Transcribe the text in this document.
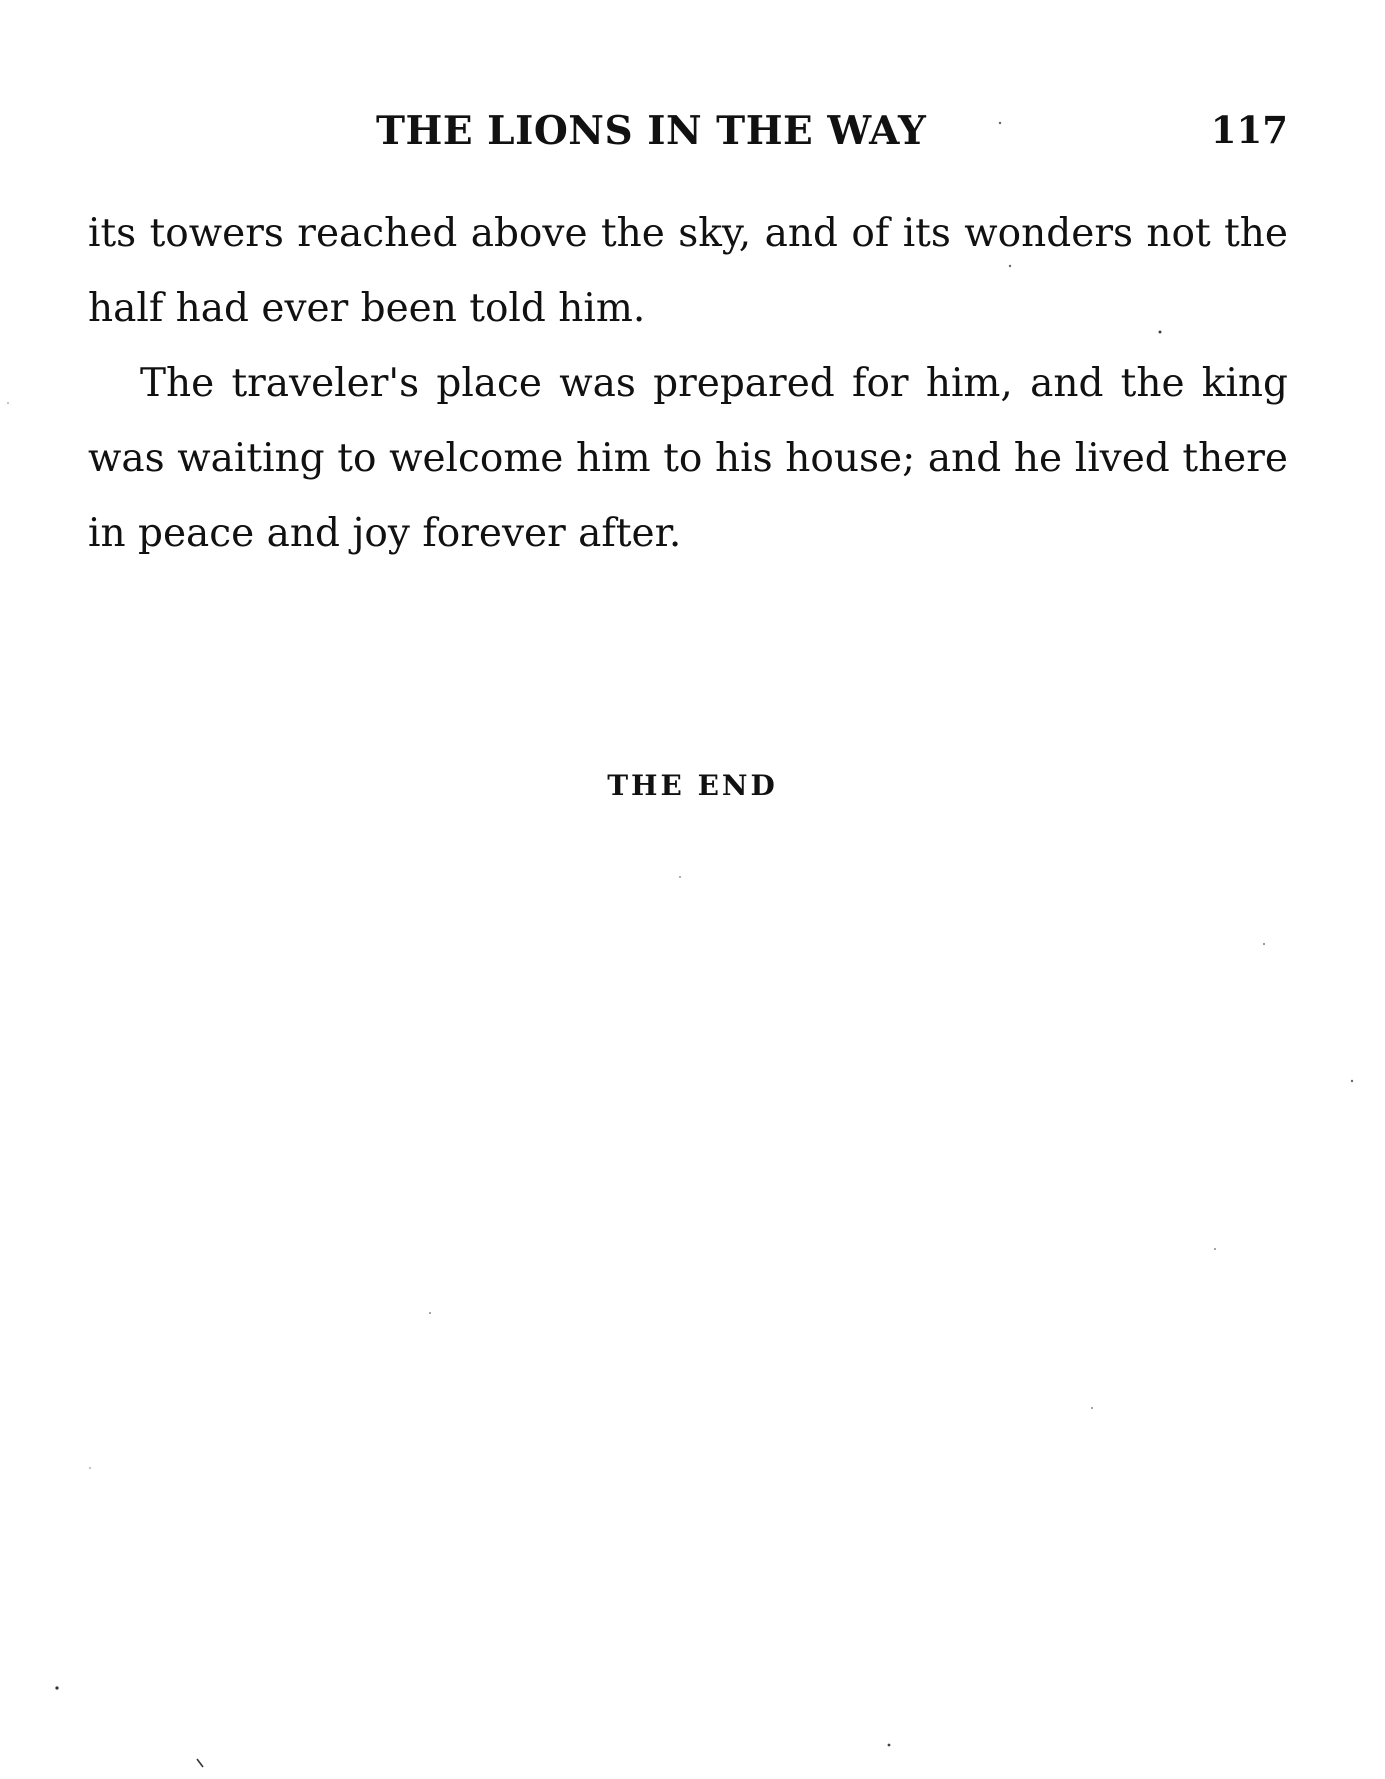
THE LIONS IN THE WAY	117

its towers reached above the sky, and of its wonders not the half had ever been told him.

The traveler's place was prepared for him, and the king was waiting to welcome him to his house; and he lived there in peace and joy forever after.

THE END
